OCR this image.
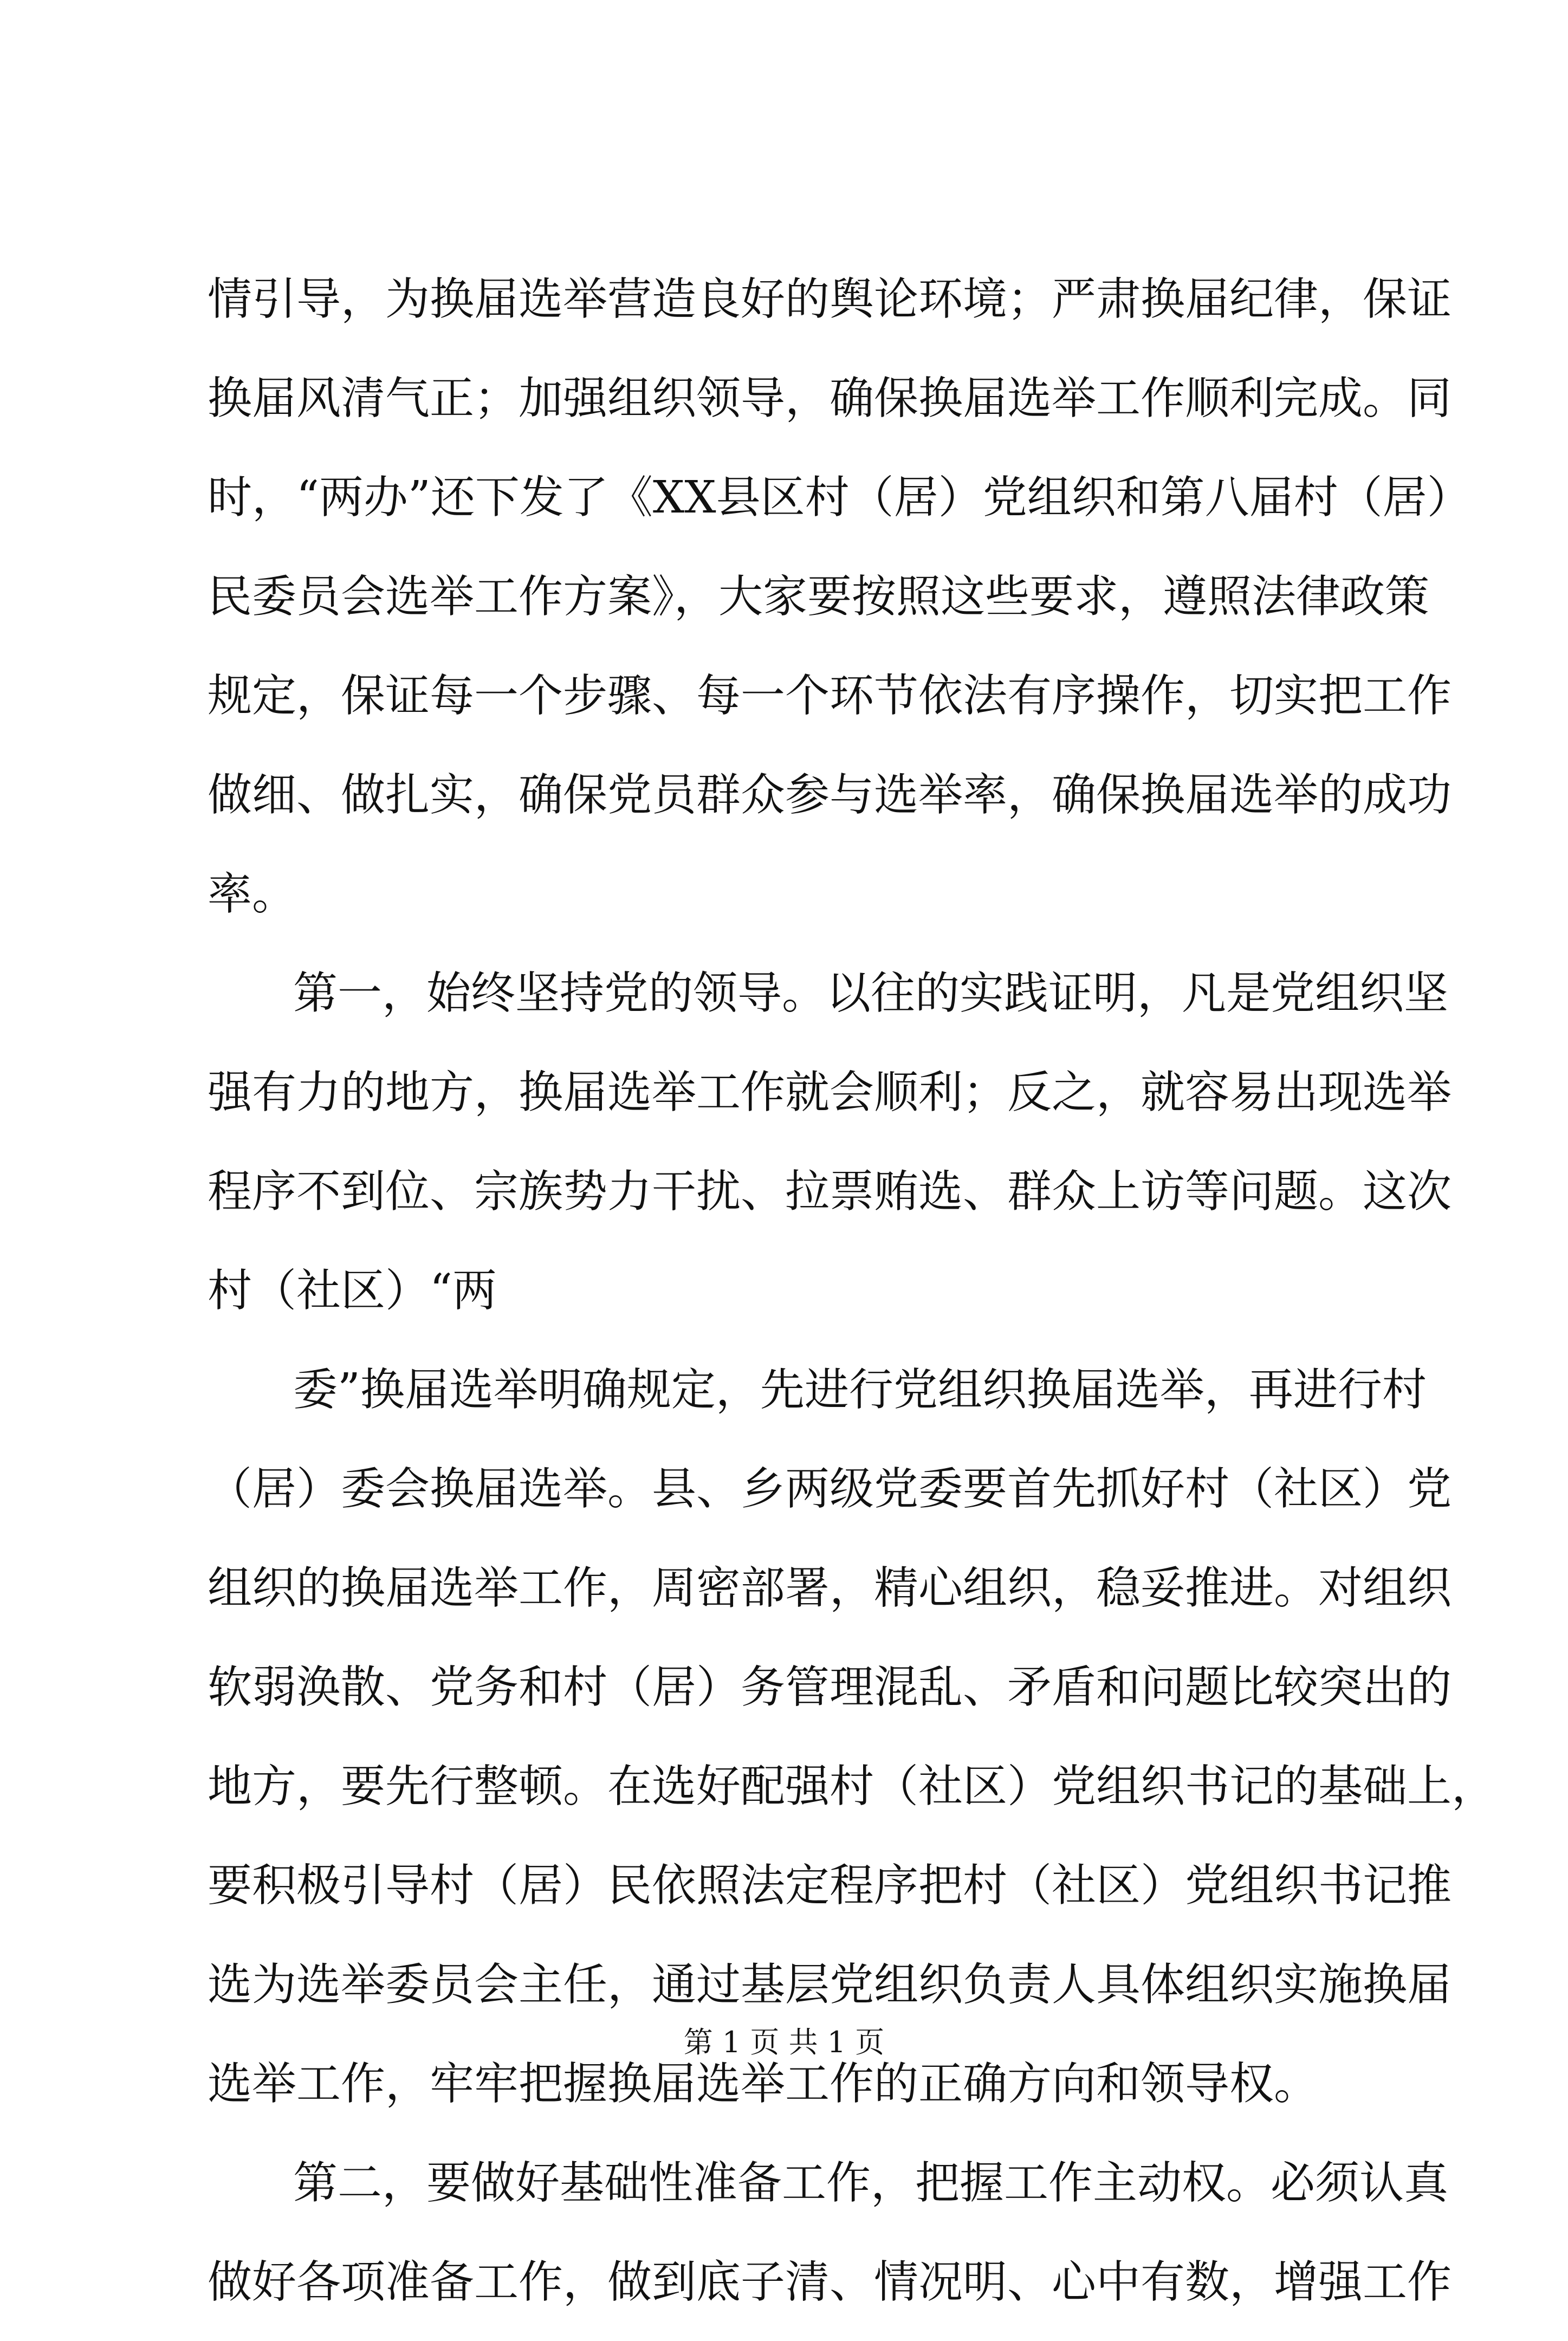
情引导，为换届选举营造良好的舆论环境；严肃换届纪律，保证
换届风清气正；加强组织领导，确保换届选举工作顺利完成。同
时，“两办”还下发了《XX县区村（居）党组织和第八届村（居）
民委员会选举工作方案》，大家要按照这些要求，遵照法律政策
规定，保证每一个步骤、每一个环节依法有序操作，切实把工作
做细、做扎实，确保党员群众参与选举率，确保换届选举的成功
率。
第一，始终坚持党的领导。以往的实践证明，凡是党组织坚
强有力的地方，换届选举工作就会顺利；反之，就容易出现选举
程序不到位、宗族势力干扰、拉票贿选、群众上访等问题。这次
村（社区）“两
委”换届选举明确规定，先进行党组织换届选举，再进行村
（居）委会换届选举。县、乡两级党委要首先抓好村（社区）党
组织的换届选举工作，周密部署，精心组织，稳妥推进。对组织
软弱涣散、党务和村（居）务管理混乱、矛盾和问题比较突出的
地方，要先行整顿。在选好配强村（社区）党组织书记的基础上，
要积极引导村（居）民依照法定程序把村（社区）党组织书记推
选为选举委员会主任，通过基层党组织负责人具体组织实施换届
选举工作，牢牢把握换届选举工作的正确方向和领导权。
第二，要做好基础性准备工作，把握工作主动权。必须认真
做好各项准备工作，做到底子清、情况明、心中有数，增强工作
第 1 页 共 1 页
